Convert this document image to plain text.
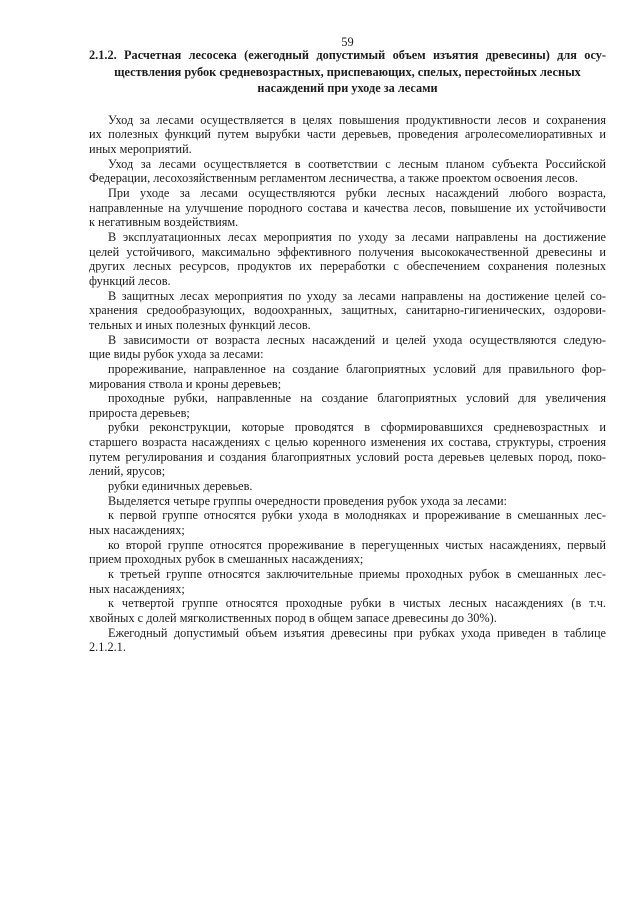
59
2.1.2. Расчетная лесосека (ежегодный допустимый объем изъятия древесины) для осу-
ществления рубок средневозрастных, приспевающих, спелых, перестойных лесных
насаждений при уходе за лесами
Уход за лесами осуществляется в целях повышения продуктивности лесов и сохранения
их полезных функций путем вырубки части деревьев, проведения агролесомелиоративных и
иных мероприятий.
Уход за лесами осуществляется в соответствии с лесным планом субъекта Российской
Федерации, лесохозяйственным регламентом лесничества, а также проектом освоения лесов.
При уходе за лесами осуществляются рубки лесных насаждений любого возраста,
направленные на улучшение породного состава и качества лесов, повышение их устойчивости
к негативным воздействиям.
В эксплуатационных лесах мероприятия по уходу за лесами направлены на достижение
целей устойчивого, максимально эффективного получения высококачественной древесины и
других лесных ресурсов, продуктов их переработки с обеспечением сохранения полезных
функций лесов.
В защитных лесах мероприятия по уходу за лесами направлены на достижение целей со-
хранения средообразующих, водоохранных, защитных, санитарно-гигиенических, оздорови-
тельных и иных полезных функций лесов.
В зависимости от возраста лесных насаждений и целей ухода осуществляются следую-
щие виды рубок ухода за лесами:
прореживание, направленное на создание благоприятных условий для правильного фор-
мирования ствола и кроны деревьев;
проходные рубки, направленные на создание благоприятных условий для увеличения
прироста деревьев;
рубки реконструкции, которые проводятся в сформировавшихся средневозрастных и
старшего возраста насаждениях с целью коренного изменения их состава, структуры, строения
путем регулирования и создания благоприятных условий роста деревьев целевых пород, поко-
лений, ярусов;
рубки единичных деревьев.
Выделяется четыре группы очередности проведения рубок ухода за лесами:
к первой группе относятся рубки ухода в молодняках и прореживание в смешанных лес-
ных насаждениях;
ко второй группе относятся прореживание в перегущенных чистых насаждениях, первый
прием проходных рубок в смешанных насаждениях;
к третьей группе относятся заключительные приемы проходных рубок в смешанных лес-
ных насаждениях;
к четвертой группе относятся проходные рубки в чистых лесных насаждениях (в т.ч.
хвойных с долей мягколиственных пород в общем запасе древесины до 30%).
Ежегодный допустимый объем изъятия древесины при рубках ухода приведен в таблице
2.1.2.1.
